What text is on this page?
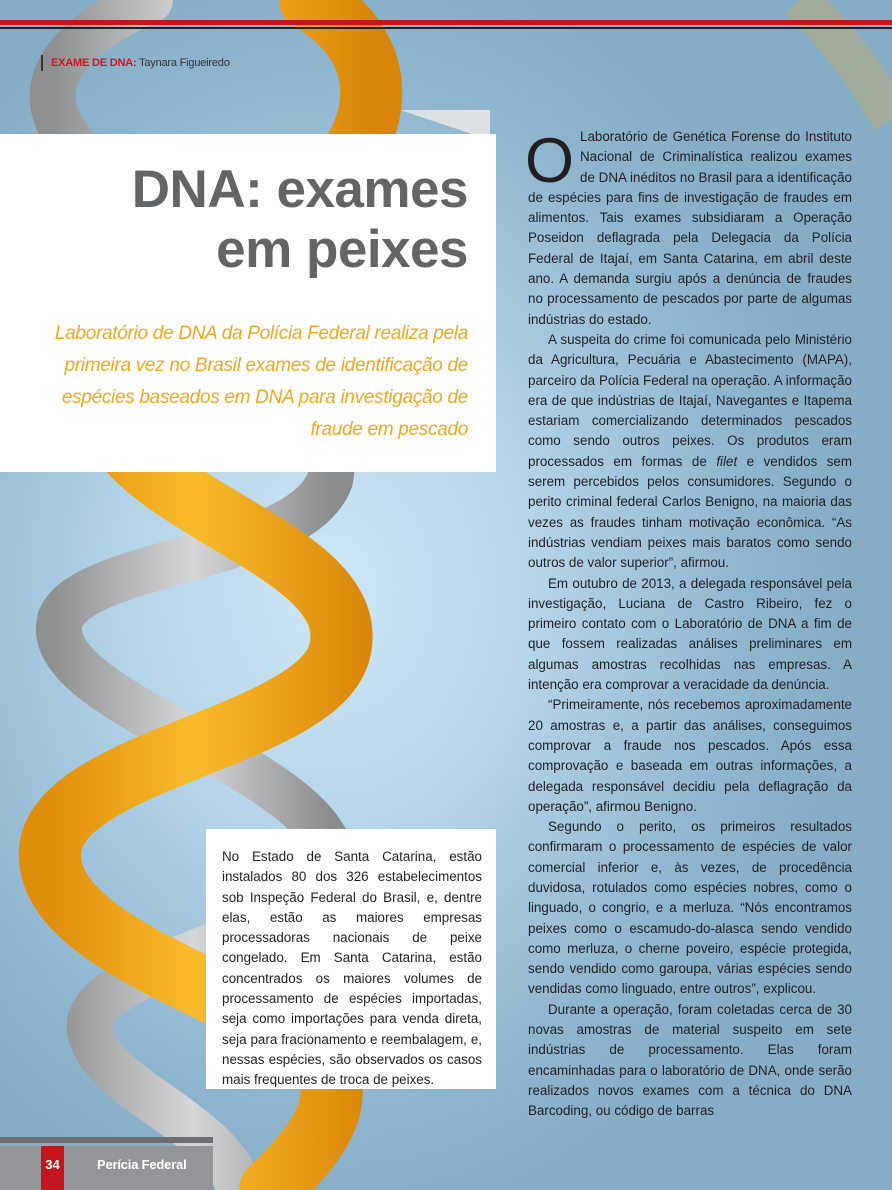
EXAME DE DNA: Taynara Figueiredo
DNA: exames
em peixes
Laboratório de DNA da Polícia Federal realiza pela primeira vez no Brasil exames de identificação de espécies baseados em DNA para investigação de fraude em pescado

O Laboratório de Genética Forense do Instituto Nacional de Criminalística realizou exames de DNA inéditos no Brasil para a identificação de espécies para fins de investigação de fraudes em alimentos. Tais exames subsidiaram a Operação Poseidon deflagrada pela Delegacia da Polícia Federal de Itajaí, em Santa Catarina, em abril deste ano. A demanda surgiu após a denúncia de fraudes no processamento de pescados por parte de algumas indústrias do estado.

A suspeita do crime foi comunicada pelo Ministério da Agricultura, Pecuária e Abastecimento (MAPA), parceiro da Polícia Federal na operação. A informação era de que indústrias de Itajaí, Navegantes e Itapema estariam comercializando determinados pescados como sendo outros peixes. Os produtos eram processados em formas de filet e vendidos sem serem percebidos pelos consumidores. Segundo o perito criminal federal Carlos Benigno, na maioria das vezes as fraudes tinham motivação econômica. “As indústrias vendiam peixes mais baratos como sendo outros de valor superior”, afirmou.

Em outubro de 2013, a delegada responsável pela investigação, Luciana de Castro Ribeiro, fez o primeiro contato com o Laboratório de DNA a fim de que fossem realizadas análises preliminares em algumas amostras recolhidas nas empresas. A intenção era comprovar a veracidade da denúncia.

“Primeiramente, nós recebemos aproximadamente 20 amostras e, a partir das análises, conseguimos comprovar a fraude nos pescados. Após essa comprovação e baseada em outras informações, a delegada responsável decidiu pela deflagração da operação”, afirmou Benigno.

Segundo o perito, os primeiros resultados confirmaram o processamento de espécies de valor comercial inferior e, às vezes, de procedência duvidosa, rotulados como espécies nobres, como o linguado, o congrio, e a merluza. “Nós encontramos peixes como o escamudo-do-alasca sendo vendido como merluza, o cherne poveiro, espécie protegida, sendo vendido como garoupa, várias espécies sendo vendidas como linguado, entre outros”, explicou.

Durante a operação, foram coletadas cerca de 30 novas amostras de material suspeito em sete indústrias de processamento. Elas foram encaminhadas para o laboratório de DNA, onde serão realizados novos exames com a técnica do DNA Barcoding, ou código de barras

No Estado de Santa Catarina, estão instalados 80 dos 326 estabelecimentos sob Inspeção Federal do Brasil, e, dentre elas, estão as maiores empresas processadoras nacionais de peixe congelado. Em Santa Catarina, estão concentrados os maiores volumes de processamento de espécies importadas, seja como importações para venda direta, seja para fracionamento e reembalagem, e, nessas espécies, são observados os casos mais frequentes de troca de peixes.

34	Perícia Federal
